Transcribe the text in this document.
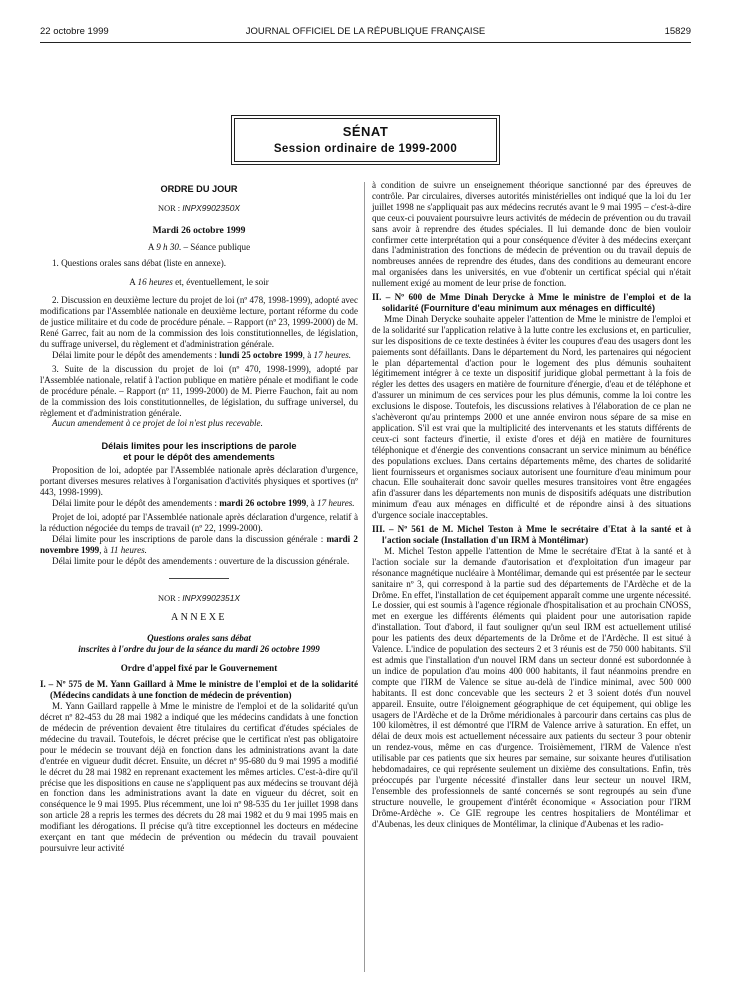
22 octobre 1999	JOURNAL OFFICIEL DE LA RÉPUBLIQUE FRANÇAISE	15829
SÉNAT
Session ordinaire de 1999-2000
ORDRE DU JOUR
NOR : INPX9902350X
Mardi 26 octobre 1999
A 9 h 30. – Séance publique

1. Questions orales sans débat (liste en annexe).

A 16 heures et, éventuellement, le soir

2. Discussion en deuxième lecture du projet de loi (nº 478, 1998-1999), adopté avec modifications par l'Assemblée nationale en deuxième lecture, portant réforme du code de justice militaire et du code de procédure pénale. – Rapport (nº 23, 1999-2000) de M. René Garrec, fait au nom de la commission des lois constitutionnelles, de législation, du suffrage universel, du règlement et d'administration générale.

Délai limite pour le dépôt des amendements : lundi 25 octobre 1999, à 17 heures.

3. Suite de la discussion du projet de loi (nº 470, 1998-1999), adopté par l'Assemblée nationale, relatif à l'action publique en matière pénale et modifiant le code de procédure pénale. – Rapport (nº 11, 1999-2000) de M. Pierre Fauchon, fait au nom de la commission des lois constitutionnelles, de législation, du suffrage universel, du règlement et d'administration générale.

Aucun amendement à ce projet de loi n'est plus recevable.

Délais limites pour les inscriptions de parole
et pour le dépôt des amendements

Proposition de loi, adoptée par l'Assemblée nationale après déclaration d'urgence, portant diverses mesures relatives à l'organisation d'activités physiques et sportives (nº 443, 1998-1999).

Délai limite pour le dépôt des amendements : mardi 26 octobre 1999, à 17 heures.

Projet de loi, adopté par l'Assemblée nationale après déclaration d'urgence, relatif à la réduction négociée du temps de travail (nº 22, 1999-2000).

Délai limite pour les inscriptions de parole dans la discussion générale : mardi 2 novembre 1999, à 11 heures.

Délai limite pour le dépôt des amendements : ouverture de la discussion générale.

NOR : INPX9902351X
ANNEXE
Questions orales sans débat
inscrites à l'ordre du jour de la séance du mardi 26 octobre 1999
Ordre d'appel fixé par le Gouvernement

I. – Nº 575 de M. Yann Gaillard à Mme le ministre de l'emploi et de la solidarité (Médecins candidats à une fonction de médecin de prévention)

M. Yann Gaillard rappelle à Mme le ministre de l'emploi et de la solidarité qu'un décret nº 82-453 du 28 mai 1982 a indiqué que les médecins candidats à une fonction de médecin de prévention devaient être titulaires du certificat d'études spéciales de médecine du travail. Toutefois, le décret précise que le certificat n'est pas obligatoire pour le médecin se trouvant déjà en fonction dans les administrations avant la date d'entrée en vigueur dudit décret. Ensuite, un décret nº 95-680 du 9 mai 1995 a modifié le décret du 28 mai 1982 en reprenant exactement les mêmes articles. C'est-à-dire qu'il précise que les dispositions en cause ne s'appliquent pas aux médecins se trouvant déjà en fonction dans les administrations avant la date en vigueur du décret, soit en conséquence le 9 mai 1995. Plus récemment, une loi nº 98-535 du 1er juillet 1998 dans son article 28 a repris les termes des décrets du 28 mai 1982 et du 9 mai 1995 mais en modifiant les dérogations. Il précise qu'à titre exceptionnel les docteurs en médecine exerçant en tant que médecin de prévention ou médecin du travail pouvaient poursuivre leur activité

à condition de suivre un enseignement théorique sanctionné par des épreuves de contrôle. Par circulaires, diverses autorités ministérielles ont indiqué que la loi du 1er juillet 1998 ne s'appliquait pas aux médecins recrutés avant le 9 mai 1995 – c'est-à-dire que ceux-ci pouvaient poursuivre leurs activités de médecin de prévention ou du travail sans avoir à reprendre des études spéciales. Il lui demande donc de bien vouloir confirmer cette interprétation qui a pour conséquence d'éviter à des médecins exerçant dans l'administration des fonctions de médecin de prévention ou du travail depuis de nombreuses années de reprendre des études, dans des conditions au demeurant encore mal organisées dans les universités, en vue d'obtenir un certificat spécial qui n'était nullement exigé au moment de leur prise de fonction.

II. – Nº 600 de Mme Dinah Derycke à Mme le ministre de l'emploi et de la solidarité (Fourniture d'eau minimum aux ménages en difficulté)

Mme Dinah Derycke souhaite appeler l'attention de Mme le ministre de l'emploi et de la solidarité sur l'application relative à la lutte contre les exclusions et, en particulier, sur les dispositions de ce texte destinées à éviter les coupures d'eau des usagers dont les paiements sont défaillants. Dans le département du Nord, les partenaires qui négocient le plan départemental d'action pour le logement des plus démunis souhaitent légitimement intégrer à ce texte un dispositif juridique global permettant à la fois de régler les dettes des usagers en matière de fourniture d'énergie, d'eau et de téléphone et d'assurer un minimum de ces services pour les plus démunis, comme la loi contre les exclusions le dispose. Toutefois, les discussions relatives à l'élaboration de ce plan ne s'achèveront qu'au printemps 2000 et une année environ nous sépare de sa mise en application. S'il est vrai que la multiplicité des intervenants et les statuts différents de ceux-ci sont facteurs d'inertie, il existe d'ores et déjà en matière de fournitures téléphonique et d'énergie des conventions consacrant un service minimum au bénéfice des populations exclues. Dans certains départements même, des chartes de solidarité lient fournisseurs et organismes sociaux autorisent une fourniture d'eau minimum pour chacun. Elle souhaiterait donc savoir quelles mesures transitoires vont être engagées afin d'assurer dans les départements non munis de dispositifs adéquats une distribution minimum d'eau aux ménages en difficulté et de répondre ainsi à des situations d'urgence sociale inacceptables.

III. – Nº 561 de M. Michel Teston à Mme le secrétaire d'Etat à la santé et à l'action sociale (Installation d'un IRM à Montélimar)

M. Michel Teston appelle l'attention de Mme le secrétaire d'Etat à la santé et à l'action sociale sur la demande d'autorisation et d'exploitation d'un imageur par résonance magnétique nucléaire à Montélimar, demande qui est présentée par le secteur sanitaire nº 3, qui correspond à la partie sud des départements de l'Ardèche et de la Drôme. En effet, l'installation de cet équipement apparaît comme une urgente nécessité. Le dossier, qui est soumis à l'agence régionale d'hospitalisation et au prochain CNOSS, met en exergue les différents éléments qui plaident pour une autorisation rapide d'installation. Tout d'abord, il faut souligner qu'un seul IRM est actuellement utilisé pour les patients des deux départements de la Drôme et de l'Ardèche. Il est situé à Valence. L'indice de population des secteurs 2 et 3 réunis est de 750 000 habitants. S'il est admis que l'installation d'un nouvel IRM dans un secteur donné est subordonnée à un indice de population d'au moins 400 000 habitants, il faut néanmoins prendre en compte que l'IRM de Valence se situe au-delà de l'indice minimal, avec 500 000 habitants. Il est donc concevable que les secteurs 2 et 3 soient dotés d'un nouvel appareil. Ensuite, outre l'éloignement géographique de cet équipement, qui oblige les usagers de l'Ardèche et de la Drôme méridionales à parcourir dans certains cas plus de 100 kilomètres, il est démontré que l'IRM de Valence arrive à saturation. En effet, un délai de deux mois est actuellement nécessaire aux patients du secteur 3 pour obtenir un rendez-vous, même en cas d'urgence. Troisièmement, l'IRM de Valence n'est utilisable par ces patients que six heures par semaine, sur soixante heures d'utilisation hebdomadaires, ce qui représente seulement un dixième des consultations. Enfin, très préoccupés par l'urgente nécessité d'installer dans leur secteur un nouvel IRM, l'ensemble des professionnels de santé concernés se sont regroupés au sein d'une structure nouvelle, le groupement d'intérêt économique « Association pour l'IRM Drôme-Ardèche ». Ce GIE regroupe les centres hospitaliers de Montélimar et d'Aubenas, les deux cliniques de Montélimar, la clinique d'Aubenas et les radio-
